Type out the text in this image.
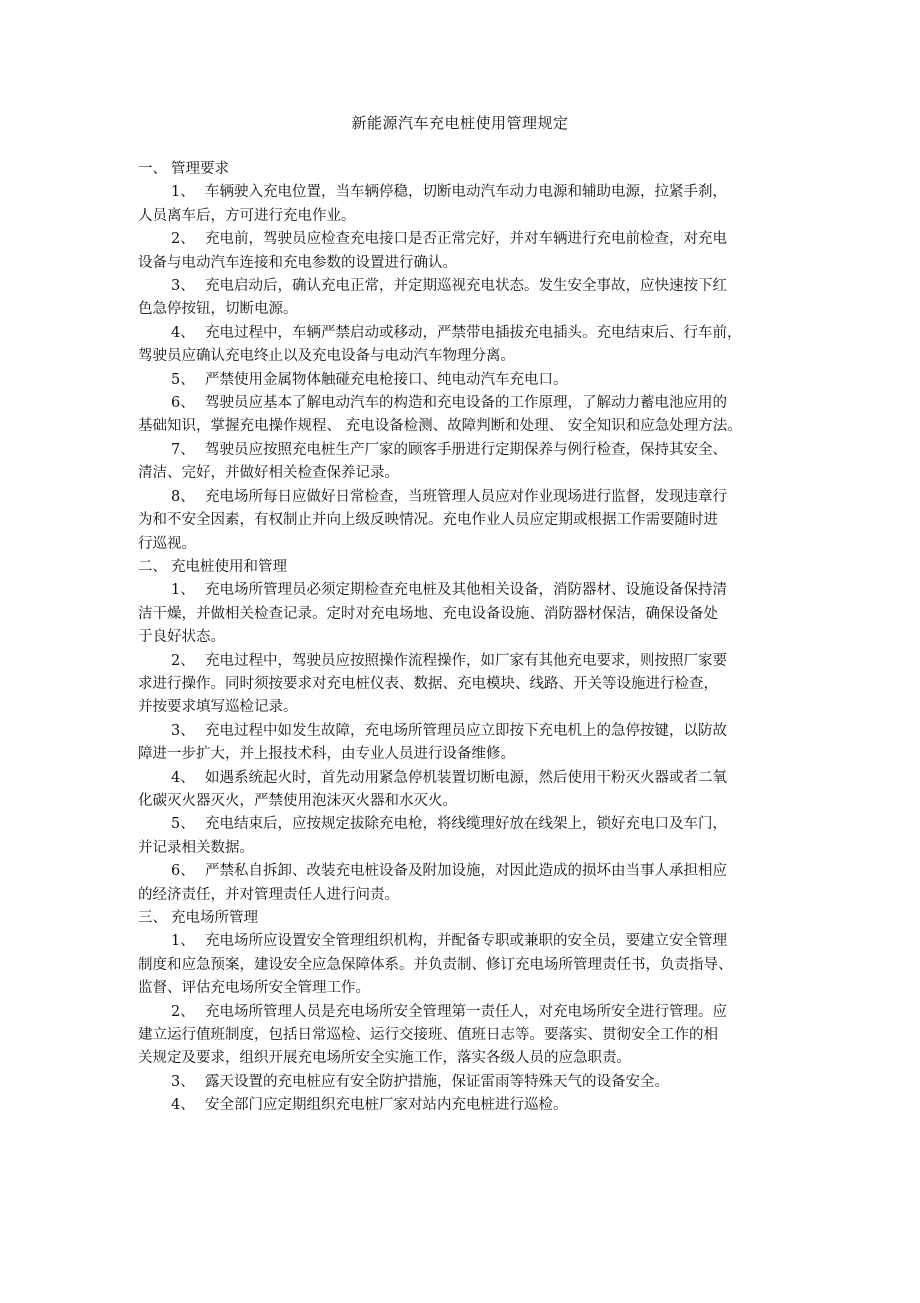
新能源汽车充电桩使用管理规定
一、 管理要求
1、 车辆驶入充电位置，当车辆停稳，切断电动汽车动力电源和辅助电源，拉紧手刹，
人员离车后，方可进行充电作业。
2、 充电前，驾驶员应检查充电接口是否正常完好，并对车辆进行充电前检查，对充电
设备与电动汽车连接和充电参数的设置进行确认。
3、 充电启动后，确认充电正常，并定期巡视充电状态。发生安全事故，应快速按下红
色急停按钮，切断电源。
4、 充电过程中，车辆严禁启动或移动，严禁带电插拔充电插头。充电结束后、行车前，
驾驶员应确认充电终止以及充电设备与电动汽车物理分离。
5、 严禁使用金属物体触碰充电枪接口、纯电动汽车充电口。
6、 驾驶员应基本了解电动汽车的构造和充电设备的工作原理，了解动力蓄电池应用的
基础知识，掌握充电操作规程、 充电设备检测、故障判断和处理、 安全知识和应急处理方法。
7、 驾驶员应按照充电桩生产厂家的顾客手册进行定期保养与例行检查，保持其安全、
清洁、完好，并做好相关检查保养记录。
8、 充电场所每日应做好日常检查，当班管理人员应对作业现场进行监督，发现违章行
为和不安全因素，有权制止并向上级反映情况。充电作业人员应定期或根据工作需要随时进
行巡视。
二、 充电桩使用和管理
1、 充电场所管理员必须定期检查充电桩及其他相关设备，消防器材、设施设备保持清
洁干燥，并做相关检查记录。定时对充电场地、充电设备设施、消防器材保洁，确保设备处
于良好状态。
2、 充电过程中，驾驶员应按照操作流程操作，如厂家有其他充电要求，则按照厂家要
求进行操作。同时须按要求对充电桩仪表、数据、充电模块、线路、开关等设施进行检查，
并按要求填写巡检记录。
3、 充电过程中如发生故障，充电场所管理员应立即按下充电机上的急停按键，以防故
障进一步扩大，并上报技术科，由专业人员进行设备维修。
4、 如遇系统起火时，首先动用紧急停机装置切断电源，然后使用干粉灭火器或者二氧
化碳灭火器灭火，严禁使用泡沫灭火器和水灭火。
5、 充电结束后，应按规定拔除充电枪，将线缆理好放在线架上，锁好充电口及车门，
并记录相关数据。
6、 严禁私自拆卸、改装充电桩设备及附加设施，对因此造成的损坏由当事人承担相应
的经济责任，并对管理责任人进行问责。
三、 充电场所管理
1、 充电场所应设置安全管理组织机构，并配备专职或兼职的安全员，要建立安全管理
制度和应急预案，建设安全应急保障体系。并负责制、修订充电场所管理责任书，负责指导、
监督、评估充电场所安全管理工作。
2、 充电场所管理人员是充电场所安全管理第一责任人，对充电场所安全进行管理。应
建立运行值班制度，包括日常巡检、运行交接班、值班日志等。要落实、贯彻安全工作的相
关规定及要求，组织开展充电场所安全实施工作，落实各级人员的应急职责。
3、 露天设置的充电桩应有安全防护措施，保证雷雨等特殊天气的设备安全。
4、 安全部门应定期组织充电桩厂家对站内充电桩进行巡检。
